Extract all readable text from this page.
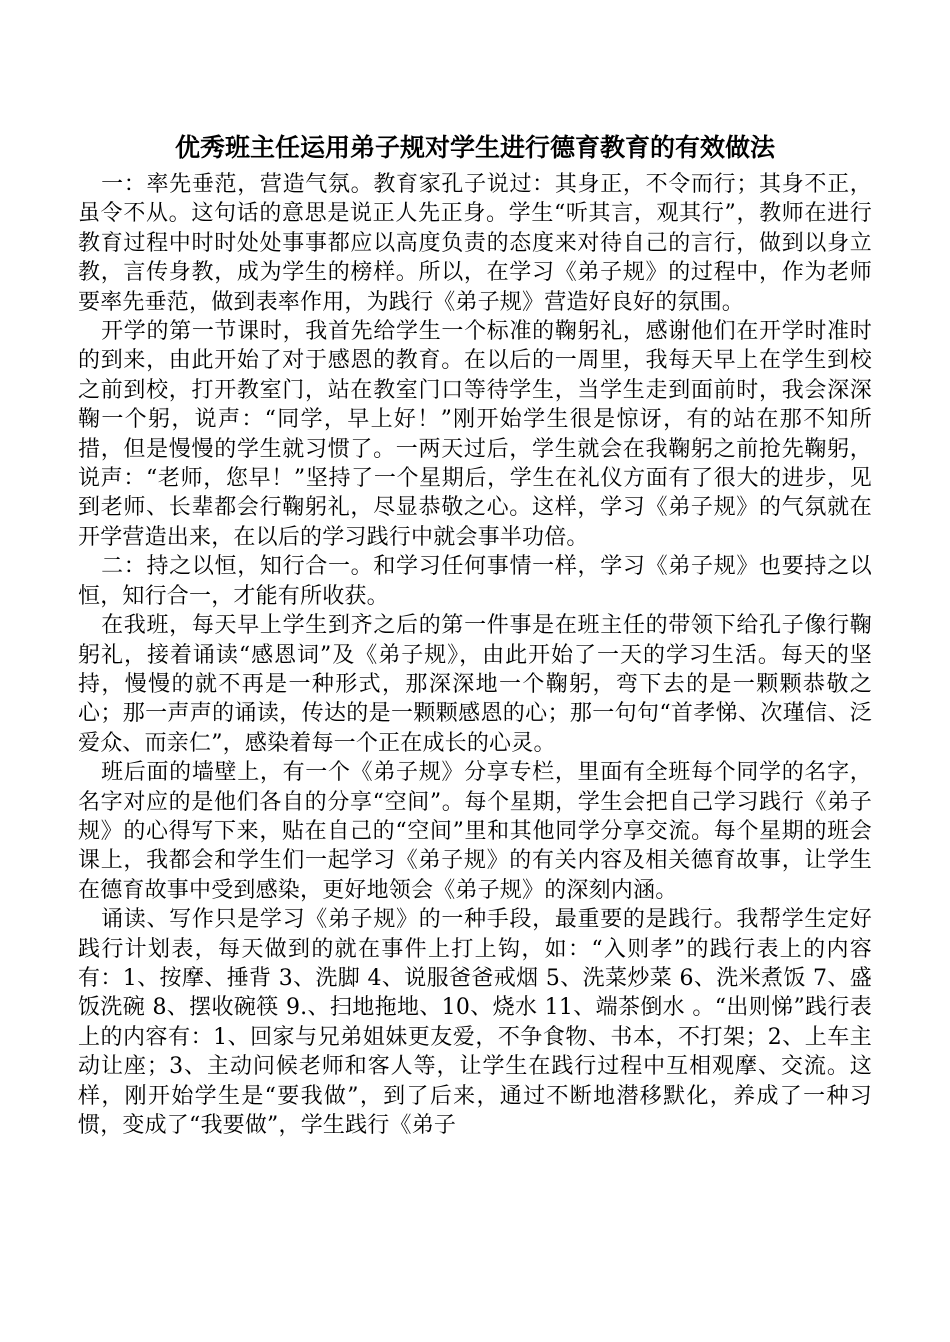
优秀班主任运用弟子规对学生进行德育教育的有效做法

一：率先垂范，营造气氛。教育家孔子说过：其身正，不令而行；其身不正，虽令不从。这句话的意思是说正人先正身。学生“听其言，观其行”，教师在进行教育过程中时时处处事事都应以高度负责的态度来对待自己的言行，做到以身立教，言传身教，成为学生的榜样。所以，在学习《弟子规》的过程中，作为老师要率先垂范，做到表率作用，为践行《弟子规》营造好良好的氛围。

开学的第一节课时，我首先给学生一个标准的鞠躬礼，感谢他们在开学时准时的到来，由此开始了对于感恩的教育。在以后的一周里，我每天早上在学生到校之前到校，打开教室门，站在教室门口等待学生，当学生走到面前时，我会深深鞠一个躬，说声：“同学，早上好！”刚开始学生很是惊讶，有的站在那不知所措，但是慢慢的学生就习惯了。一两天过后，学生就会在我鞠躬之前抢先鞠躬，说声：“老师，您早！”坚持了一个星期后，学生在礼仪方面有了很大的进步，见到老师、长辈都会行鞠躬礼，尽显恭敬之心。这样，学习《弟子规》的气氛就在开学营造出来，在以后的学习践行中就会事半功倍。

二：持之以恒，知行合一。和学习任何事情一样，学习《弟子规》也要持之以恒，知行合一，才能有所收获。

在我班，每天早上学生到齐之后的第一件事是在班主任的带领下给孔子像行鞠躬礼，接着诵读“感恩词”及《弟子规》，由此开始了一天的学习生活。每天的坚持，慢慢的就不再是一种形式，那深深地一个鞠躬，弯下去的是一颗颗恭敬之心；那一声声的诵读，传达的是一颗颗感恩的心；那一句句“首孝悌、次瑾信、泛爱众、而亲仁”，感染着每一个正在成长的心灵。

班后面的墙壁上，有一个《弟子规》分享专栏，里面有全班每个同学的名字，名字对应的是他们各自的分享“空间”。每个星期，学生会把自己学习践行《弟子规》的心得写下来，贴在自己的“空间”里和其他同学分享交流。每个星期的班会课上，我都会和学生们一起学习《弟子规》的有关内容及相关德育故事，让学生在德育故事中受到感染，更好地领会《弟子规》的深刻内涵。

诵读、写作只是学习《弟子规》的一种手段，最重要的是践行。我帮学生定好践行计划表，每天做到的就在事件上打上钩，如：“入则孝”的践行表上的内容有：1、按摩、捶背 3、洗脚 4、说服爸爸戒烟 5、洗菜炒菜 6、洗米煮饭 7、盛饭洗碗 8、摆收碗筷 9.、扫地拖地、10、烧水 11、端茶倒水 。“出则悌”践行表上的内容有：1、回家与兄弟姐妹更友爱，不争食物、书本，不打架；2、上车主动让座；3、主动问候老师和客人等，让学生在践行过程中互相观摩、交流。这样，刚开始学生是“要我做”，到了后来，通过不断地潜移默化，养成了一种习惯，变成了“我要做”，学生践行《弟子
